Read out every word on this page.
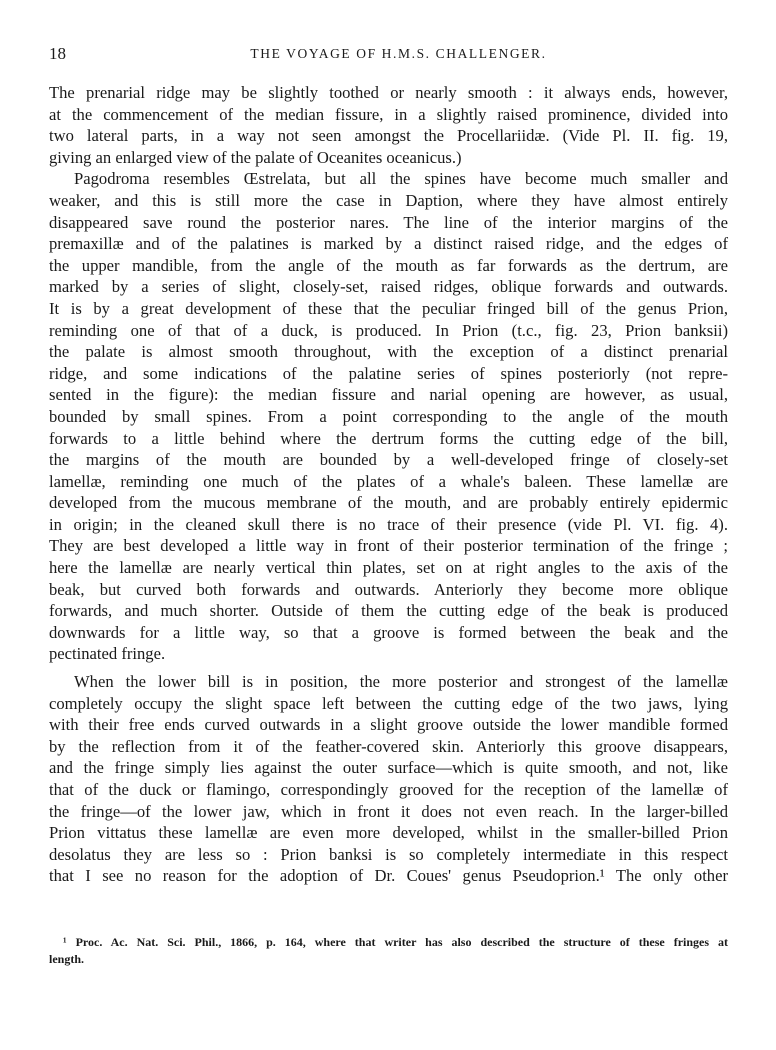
18	THE VOYAGE OF H.M.S. CHALLENGER.
The prenarial ridge may be slightly toothed or nearly smooth : it always ends, however,
at the commencement of the median fissure, in a slightly raised prominence, divided into
two lateral parts, in a way not seen amongst the Procellariidæ. (Vide Pl. II. fig. 19,
giving an enlarged view of the palate of Oceanites oceanicus.)
Pagodroma resembles Œstrelata, but all the spines have become much smaller and
weaker, and this is still more the case in Daption, where they have almost entirely
disappeared save round the posterior nares. The line of the interior margins of the
premaxillæ and of the palatines is marked by a distinct raised ridge, and the edges of
the upper mandible, from the angle of the mouth as far forwards as the dertrum, are
marked by a series of slight, closely-set, raised ridges, oblique forwards and outwards.
It is by a great development of these that the peculiar fringed bill of the genus Prion,
reminding one of that of a duck, is produced. In Prion (t.c., fig. 23, Prion banksii)
the palate is almost smooth throughout, with the exception of a distinct prenarial
ridge, and some indications of the palatine series of spines posteriorly (not repre-
sented in the figure): the median fissure and narial opening are however, as usual,
bounded by small spines. From a point corresponding to the angle of the mouth
forwards to a little behind where the dertrum forms the cutting edge of the bill,
the margins of the mouth are bounded by a well-developed fringe of closely-set
lamellæ, reminding one much of the plates of a whale's baleen. These lamellæ are
developed from the mucous membrane of the mouth, and are probably entirely epidermic
in origin; in the cleaned skull there is no trace of their presence (vide Pl. VI. fig. 4).
They are best developed a little way in front of their posterior termination of the fringe ;
here the lamellæ are nearly vertical thin plates, set on at right angles to the axis of the
beak, but curved both forwards and outwards. Anteriorly they become more oblique
forwards, and much shorter. Outside of them the cutting edge of the beak is produced
downwards for a little way, so that a groove is formed between the beak and the
pectinated fringe.
When the lower bill is in position, the more posterior and strongest of the lamellæ
completely occupy the slight space left between the cutting edge of the two jaws, lying
with their free ends curved outwards in a slight groove outside the lower mandible formed
by the reflection from it of the feather-covered skin. Anteriorly this groove disappears,
and the fringe simply lies against the outer surface—which is quite smooth, and not, like
that of the duck or flamingo, correspondingly grooved for the reception of the lamellæ of
the fringe—of the lower jaw, which in front it does not even reach. In the larger-billed
Prion vittatus these lamellæ are even more developed, whilst in the smaller-billed Prion
desolatus they are less so : Prion banksi is so completely intermediate in this respect
that I see no reason for the adoption of Dr. Coues' genus Pseudoprion.¹ The only other
¹ Proc. Ac. Nat. Sci. Phil., 1866, p. 164, where that writer has also described the structure of these fringes at
length.
